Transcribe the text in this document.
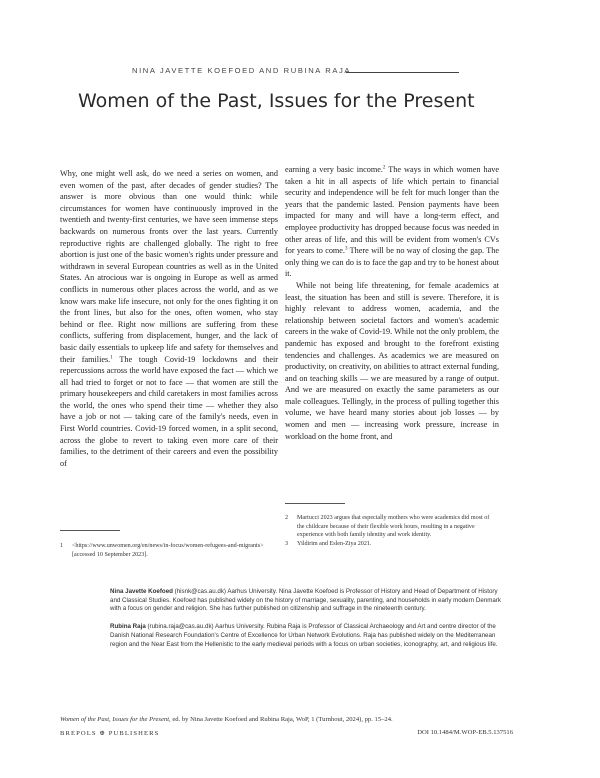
NINA JAVETTE KOEFOED AND RUBINA RAJA
Women of the Past, Issues for the Present

Why, one might well ask, do we need a series on women, and even women of the past, after decades of gender studies? The answer is more obvious than one would think: while circumstances for women have continuously improved in the twentieth and twenty-first centuries, we have seen immense steps backwards on numerous fronts over the last years. Currently reproductive rights are challenged globally. The right to free abortion is just one of the basic women's rights under pressure and withdrawn in several European countries as well as in the United States. An atrocious war is ongoing in Europe as well as armed conflicts in numerous other places across the world, and as we know wars make life insecure, not only for the ones fighting it on the front lines, but also for the ones, often women, who stay behind or flee. Right now millions are suffering from these conflicts, suffering from displacement, hunger, and the lack of basic daily essentials to upkeep life and safety for themselves and their families.$^1$ The tough Covid-19 lockdowns and their repercussions across the world have exposed the fact — which we all had tried to forget or not to face — that women are still the primary housekeepers and child caretakers in most families across the world, the ones who spend their time — whether they also have a job or not — taking care of the family's needs, even in First World countries. Covid-19 forced women, in a split second, across the globe to revert to taking even more care of their families, to the detriment of their careers and even the possibility of

earning a very basic income.$^2$ The ways in which women have taken a hit in all aspects of life which pertain to financial security and independence will be felt for much longer than the years that the pandemic lasted. Pension payments have been impacted for many and will have a long-term effect, and employee productivity has dropped because focus was needed in other areas of life, and this will be evident from women's CVs for years to come.$^3$ There will be no way of closing the gap. The only thing we can do is to face the gap and try to be honest about it.

While not being life threatening, for female academics at least, the situation has been and still is severe. Therefore, it is highly relevant to address women, academia, and the relationship between societal factors and women's academic careers in the wake of Covid-19. While not the only problem, the pandemic has exposed and brought to the forefront existing tendencies and challenges. As academics we are measured on productivity, on creativity, on abilities to attract external funding, and on teaching skills — we are measured by a range of output. And we are measured on exactly the same parameters as our male colleagues. Tellingly, in the process of pulling together this volume, we have heard many stories about job losses — by women and men — increasing work pressure, increase in workload on the home front, and

1	<https://www.unwomen.org/en/news/in-focus/women-refugees-and-migrants> [accessed 10 September 2023].
2	Martucci 2023 argues that especially mothers who were academics did most of the childcare because of their flexible work hours, resulting in a negative experience with both family identity and work identity.
3	Yildirim and Eslen-Ziya 2021.

Nina Javette Koefoed (hisnk@cas.au.dk) Aarhus University. Nina Javette Koefoed is Professor of History and Head of Department of History and Classical Studies. Koefoed has published widely on the history of marriage, sexuality, parenting, and households in early modern Denmark with a focus on gender and religion. She has further published on citizenship and suffrage in the nineteenth century.

Rubina Raja (rubina.raja@cas.au.dk) Aarhus University. Rubina Raja is Professor of Classical Archaeology and Art and centre director of the Danish National Research Foundation's Centre of Excellence for Urban Network Evolutions. Raja has published widely on the Mediterranean region and the Near East from the Hellenistic to the early medieval periods with a focus on urban societies, iconography, art, and religious life.

Women of the Past, Issues for the Present, ed. by Nina Javette Koefoed and Rubina Raja, WoP, 1 (Turnhout, 2024), pp. 15–24.
BREPOLS ⊕ PUBLISHERS	DOI 10.1484/M.WOP-EB.5.137516
